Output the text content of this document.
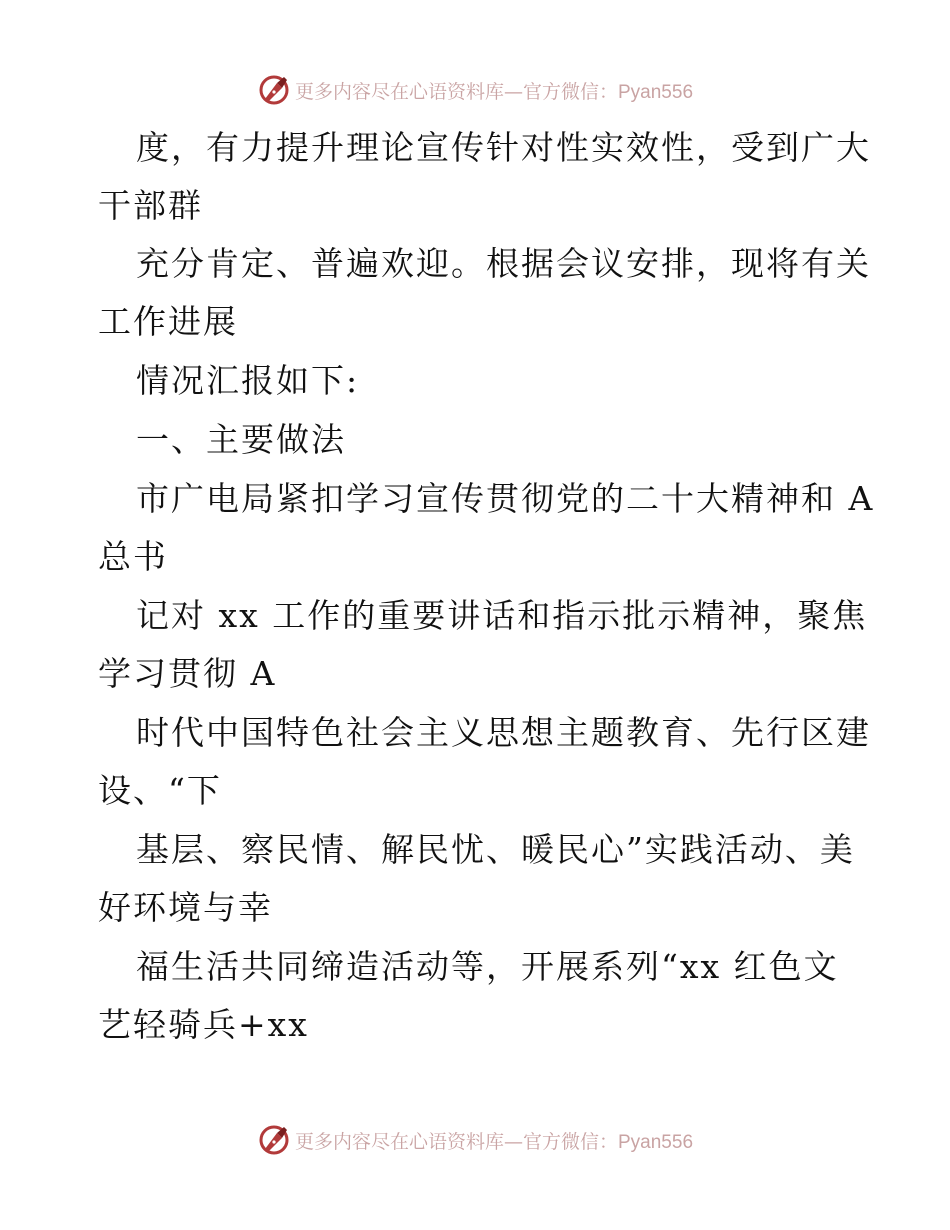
更多内容尽在心语资料库—官方微信：Pyan556
度，有力提升理论宣传针对性实效性，受到广大
干部群
充分肯定、普遍欢迎。根据会议安排，现将有关
工作进展
情况汇报如下:
一、主要做法
市广电局紧扣学习宣传贯彻党的二十大精神和 A
总书
记对 xx 工作的重要讲话和指示批示精神，聚焦
学习贯彻 A
时代中国特色社会主义思想主题教育、先行区建
设、“下
基层、察民情、解民忧、暖民心”实践活动、美
好环境与幸
福生活共同缔造活动等，开展系列“xx 红色文
艺轻骑兵+xx
更多内容尽在心语资料库—官方微信：Pyan556
